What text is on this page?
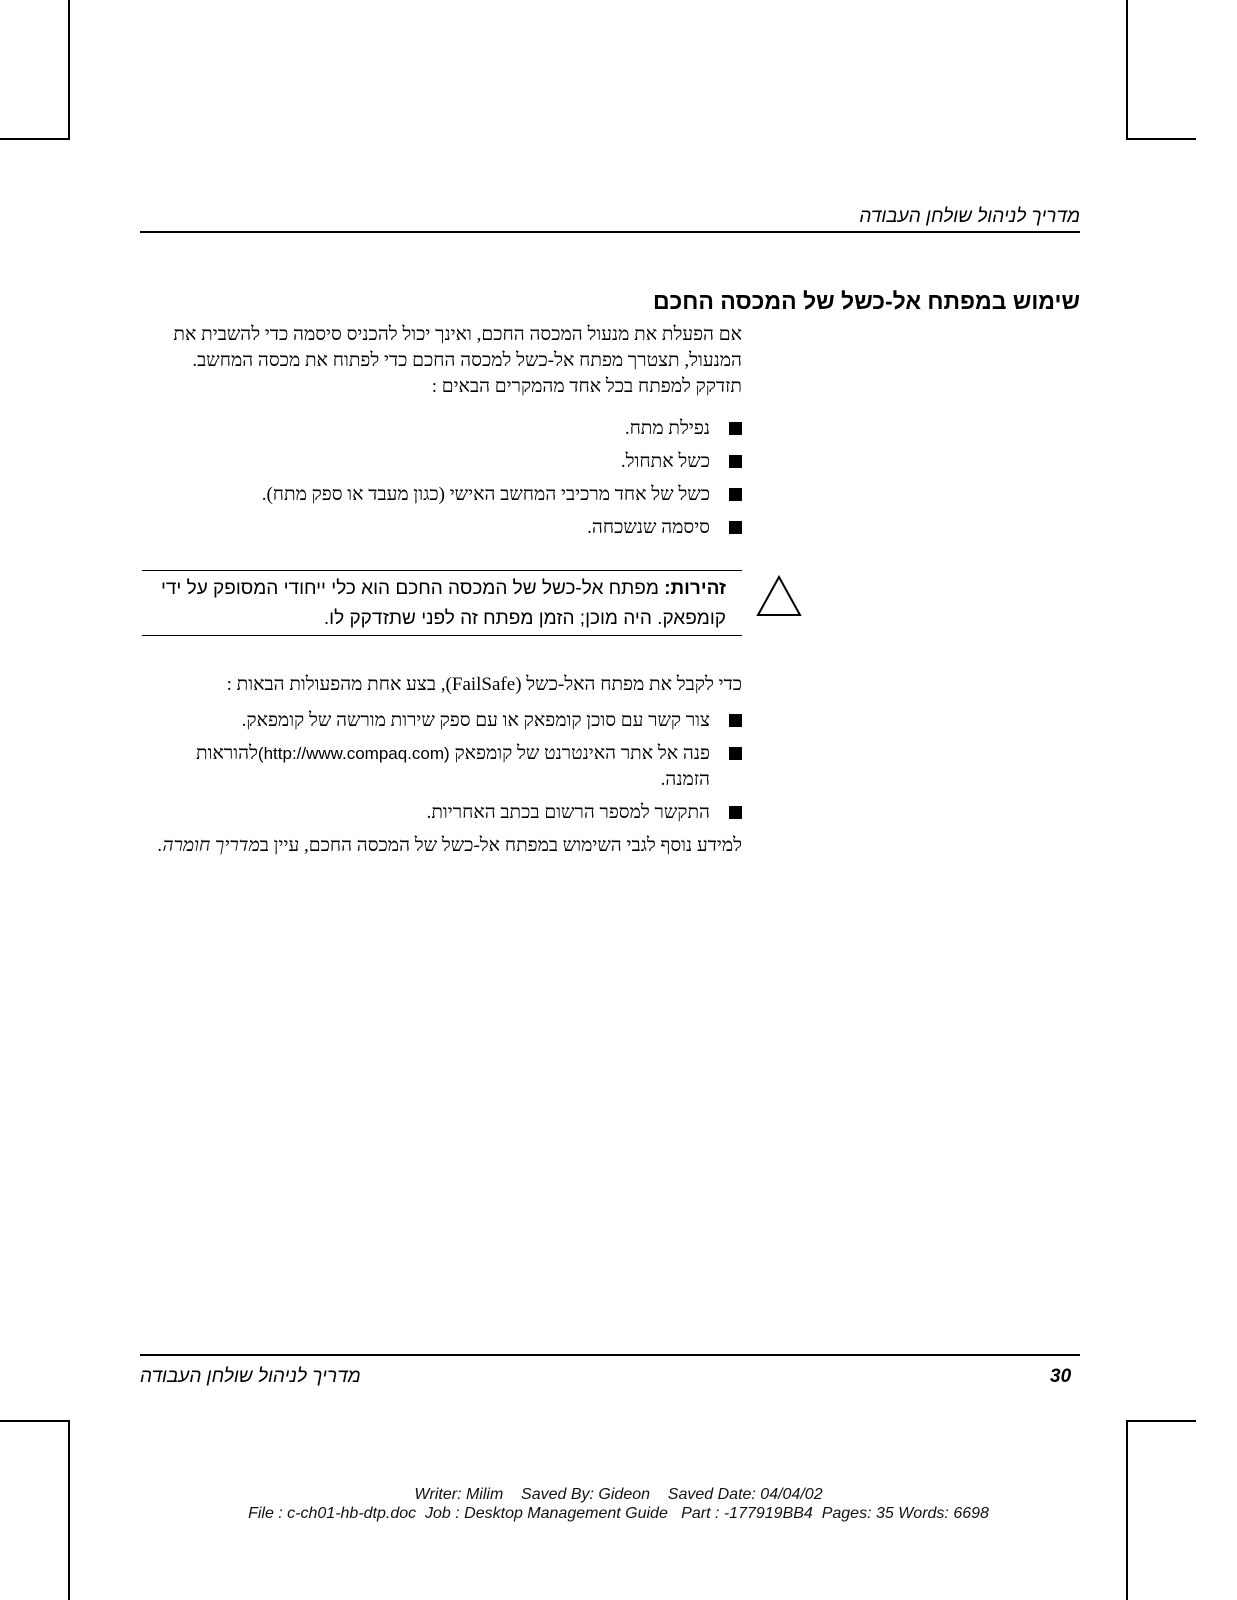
מדריך לניהול שולחן העבודה
שימוש במפתח אל-כשל של המכסה החכם

אם הפעלת את מנעול המכסה החכם, ואינך יכול להכניס סיסמה כדי להשבית את המנעול, תצטרך מפתח אל-כשל למכסה החכם כדי לפתוח את מכסה המחשב. תזדקק למפתח בכל אחד מהמקרים הבאים :

נפילת מתח.
כשל אתחול.
כשל של אחד מרכיבי המחשב האישי (כגון מעבד או ספק מתח).
סיסמה שנשכחה.
זהירות: מפתח אל-כשל של המכסה החכם הוא כלי ייחודי המסופק על ידי קומפאק. היה מוכן; הזמן מפתח זה לפני שתזדקק לו.

כדי לקבל את מפתח האל-כשל (FailSafe), בצע אחת מהפעולות הבאות :

צור קשר עם סוכן קומפאק או עם ספק שירות מורשה של קומפאק.
פנה אל אתר האינטרנט של קומפאק (http://www.compaq.com)להוראות הזמנה.
התקשר למספר הרשום בכתב האחריות.

למידע נוסף לגבי השימוש במפתח אל-כשל של המכסה החכם, עיין במדריך חומרה.

מדריך לניהול שולחן העבודה	30
Writer: Milim    Saved By: Gideon    Saved Date: 04/04/02
File : c-ch01-hb-dtp.doc  Job : Desktop Management Guide   Part : -177919BB4  Pages: 35 Words: 6698
